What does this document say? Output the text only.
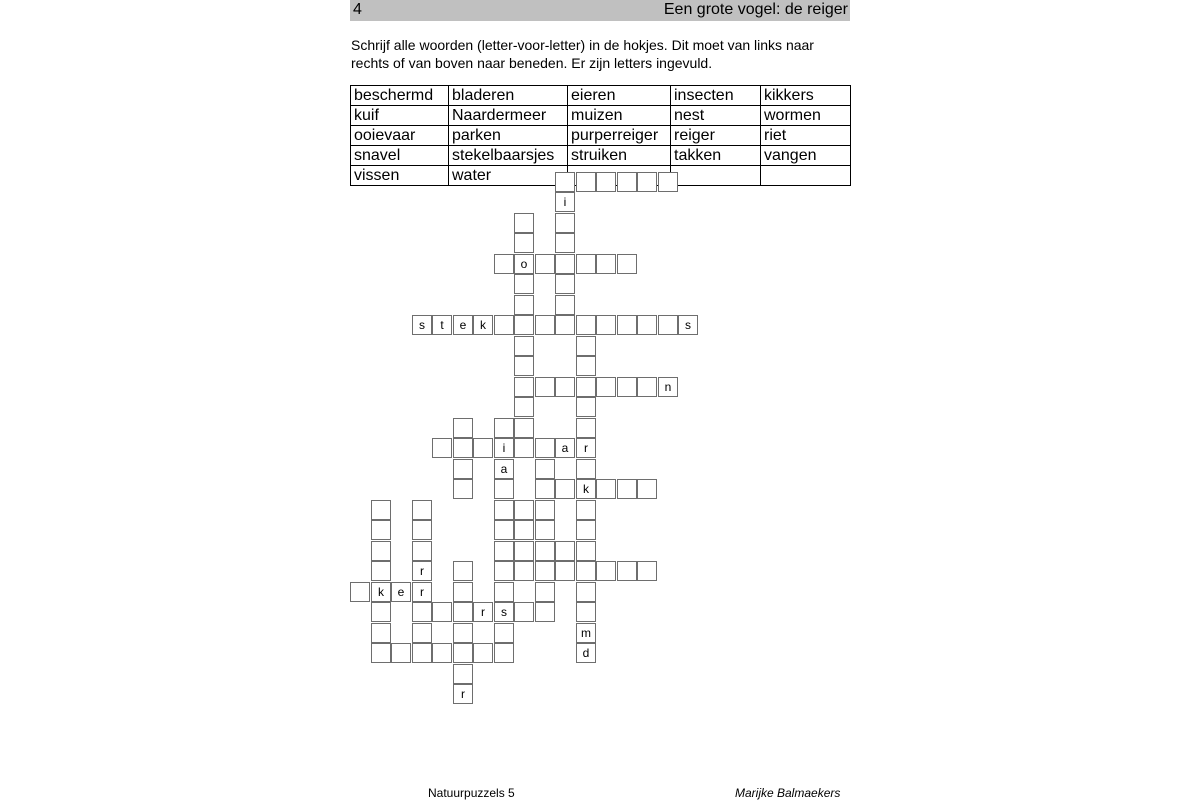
4	Een grote vogel: de reiger

Schrijf alle woorden (letter-voor-letter) in de hokjes. Dit moet van links naar rechts of van boven naar beneden. Er zijn letters ingevuld.

beschermd	bladeren	eieren	insecten	kikkers
kuif	Naardermeer	muizen	nest	wormen
ooievaar	parken	purperreiger	reiger	riet
snavel	stekelbaarsjes	struiken	takken	vangen
vissen	water			
i
o
s	t	e	k	s
n
i	a	r
a
s
k
m
k	e	r
r
r
r
d
Natuurpuzzels 5	Marijke Balmaekers
